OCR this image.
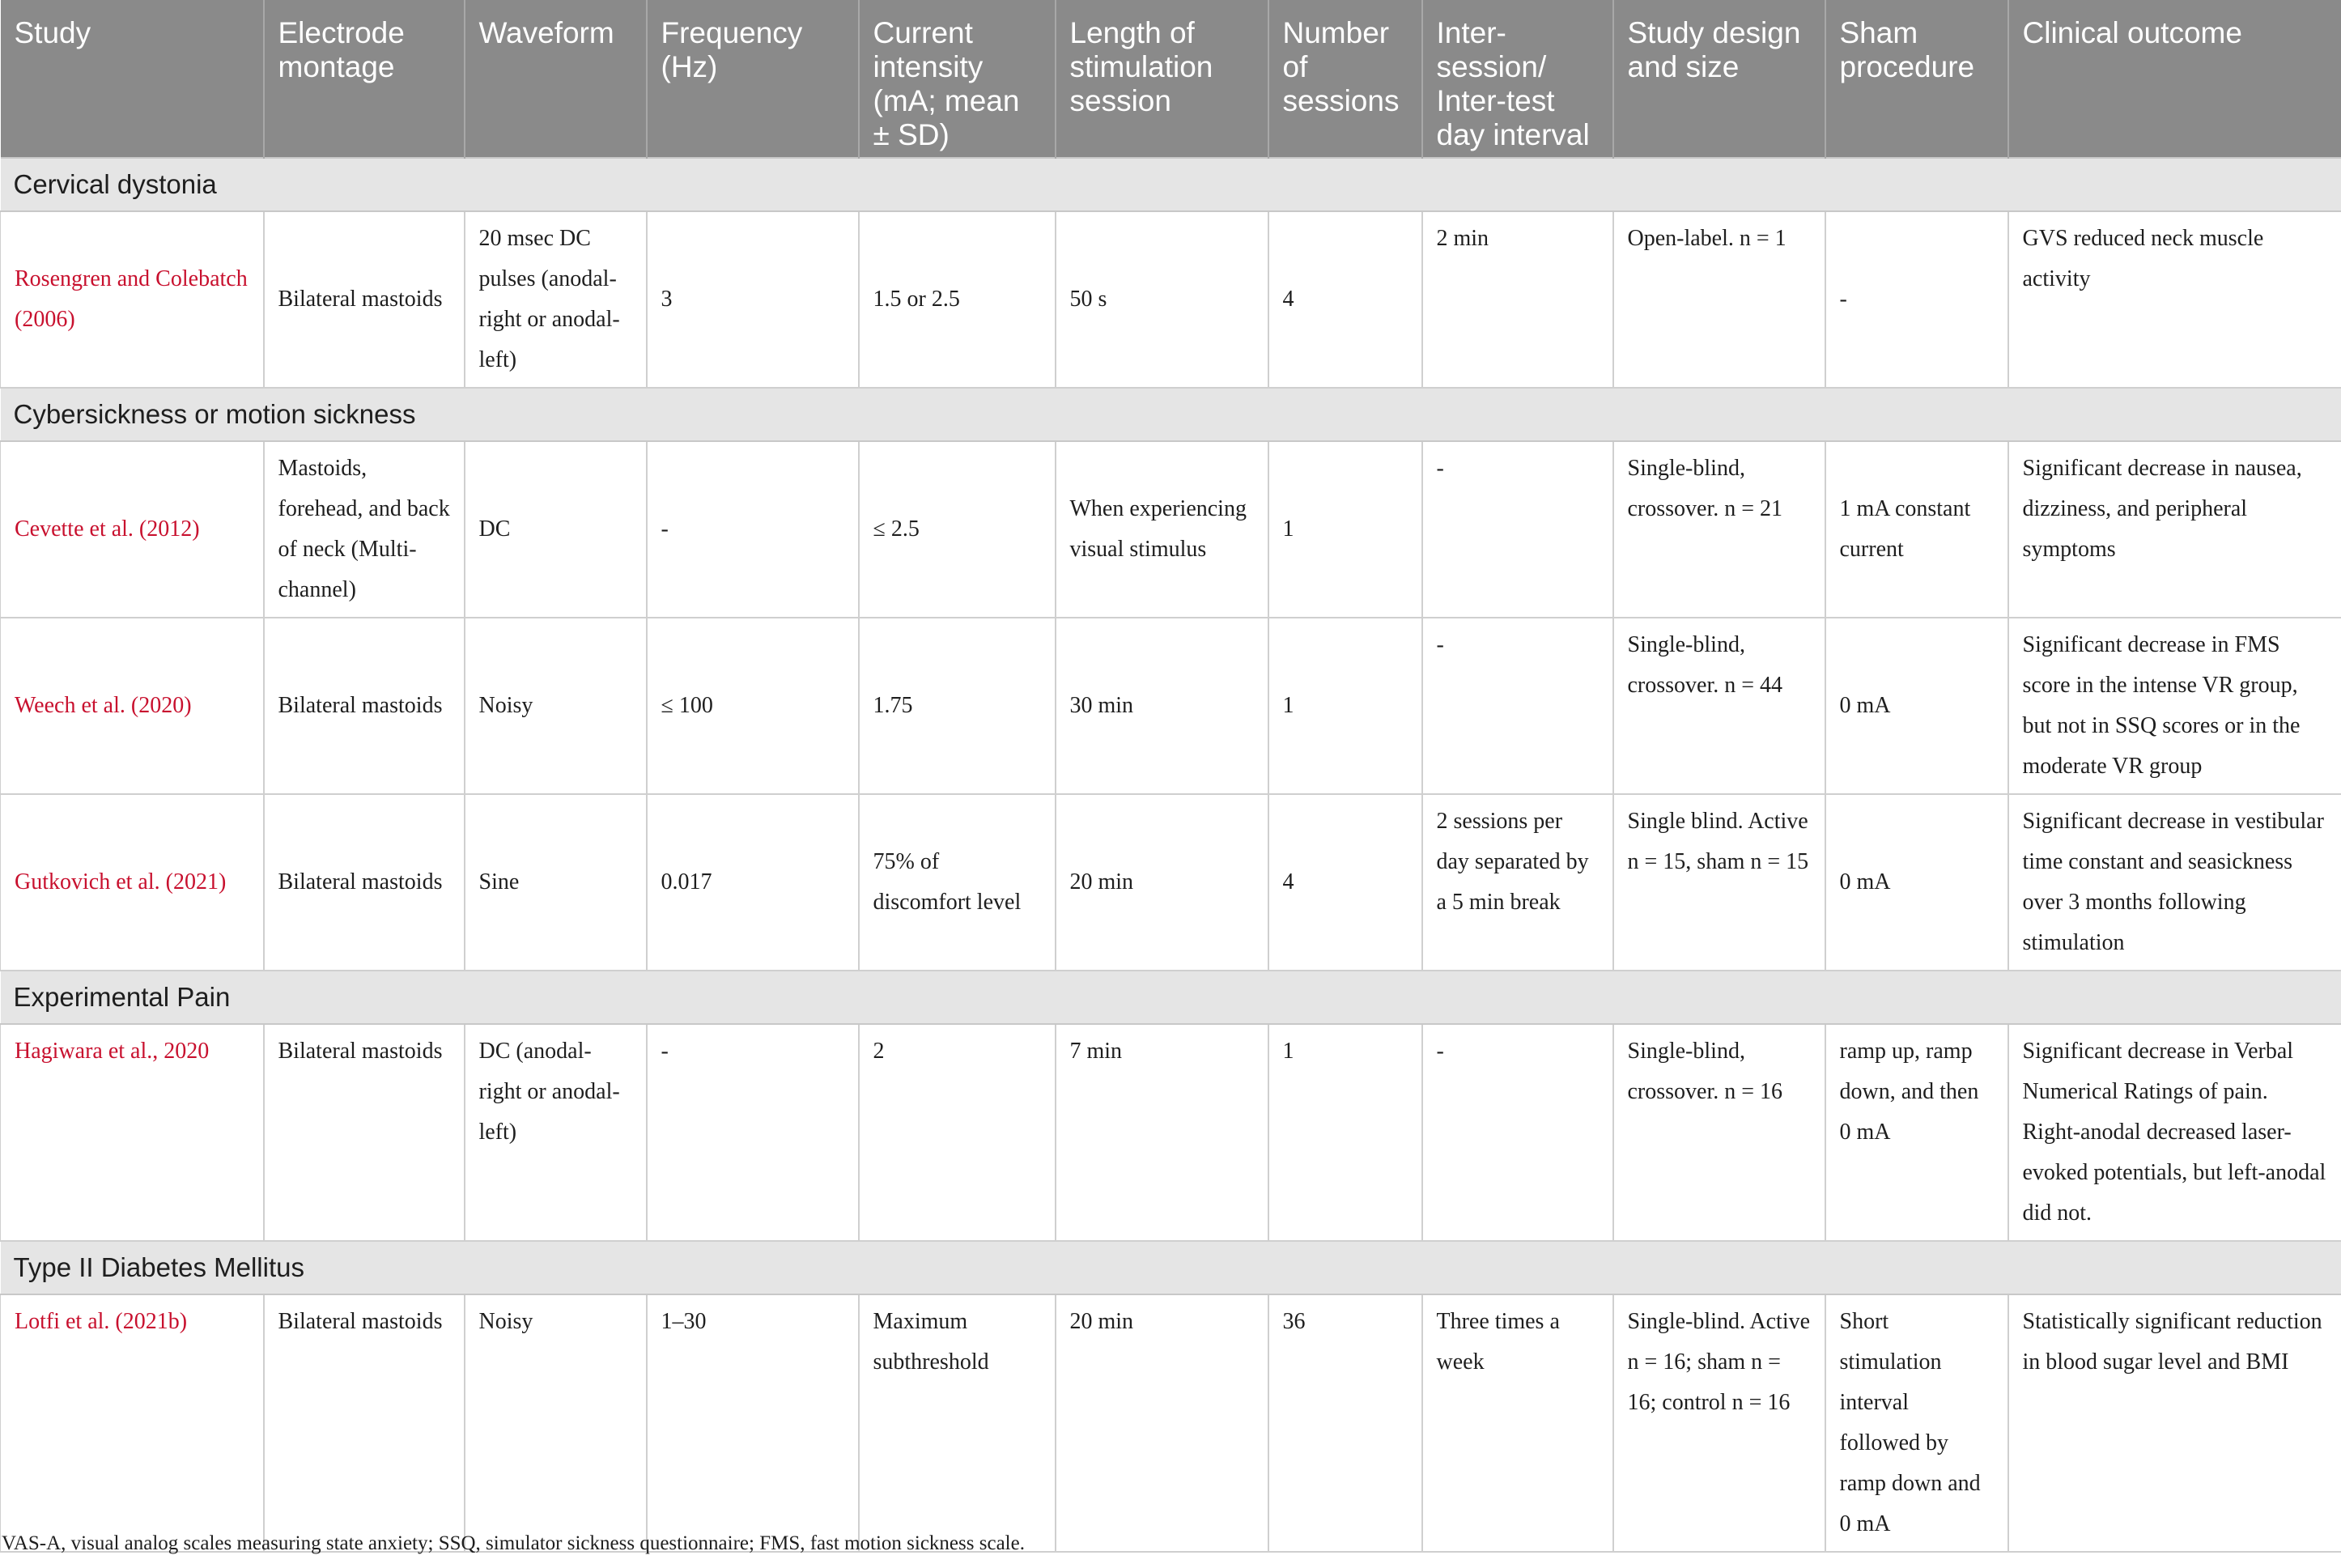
Study	Electrode montage	Waveform	Frequency (Hz)	Current intensity (mA; mean ± SD)	Length of stimulation session	Number of sessions	Inter-session/ Inter-test day interval	Study design and size	Sham procedure	Clinical outcome
Cervical dystonia										
Rosengren and Colebatch (2006)	Bilateral mastoids	20 msec DC pulses (anodal-right or anodal-left)	3	1.5 or 2.5	50 s	4	2 min	Open-label. n = 1	-	GVS reduced neck muscle activity
Cybersickness or motion sickness										
Cevette et al. (2012)	Mastoids, forehead, and back of neck (Multi-channel)	DC	-	≤ 2.5	When experiencing visual stimulus	1	-	Single-blind, crossover. n = 21	1 mA constant current	Significant decrease in nausea, dizziness, and peripheral symptoms
Weech et al. (2020)	Bilateral mastoids	Noisy	≤ 100	1.75	30 min	1	-	Single-blind, crossover. n = 44	0 mA	Significant decrease in FMS score in the intense VR group, but not in SSQ scores or in the moderate VR group
Gutkovich et al. (2021)	Bilateral mastoids	Sine	0.017	75% of discomfort level	20 min	4	2 sessions per day separated by a 5 min break	Single blind. Active n = 15, sham n = 15	0 mA	Significant decrease in vestibular time constant and seasickness over 3 months following stimulation
Experimental Pain										
Hagiwara et al., 2020	Bilateral mastoids	DC (anodal-right or anodal-left)	-	2	7 min	1	-	Single-blind, crossover. n = 16	ramp up, ramp down, and then 0 mA	Significant decrease in Verbal Numerical Ratings of pain. Right-anodal decreased laser-evoked potentials, but left-anodal did not.
Type II Diabetes Mellitus										
Lotfi et al. (2021b)	Bilateral mastoids	Noisy	1–30	Maximum subthreshold	20 min	36	Three times a week	Single-blind. Active n = 16; sham n = 16; control n = 16	Short stimulation interval followed by ramp down and 0 mA	Statistically significant reduction in blood sugar level and BMI
VAS-A, visual analog scales measuring state anxiety; SSQ, simulator sickness questionnaire; FMS, fast motion sickness scale.
